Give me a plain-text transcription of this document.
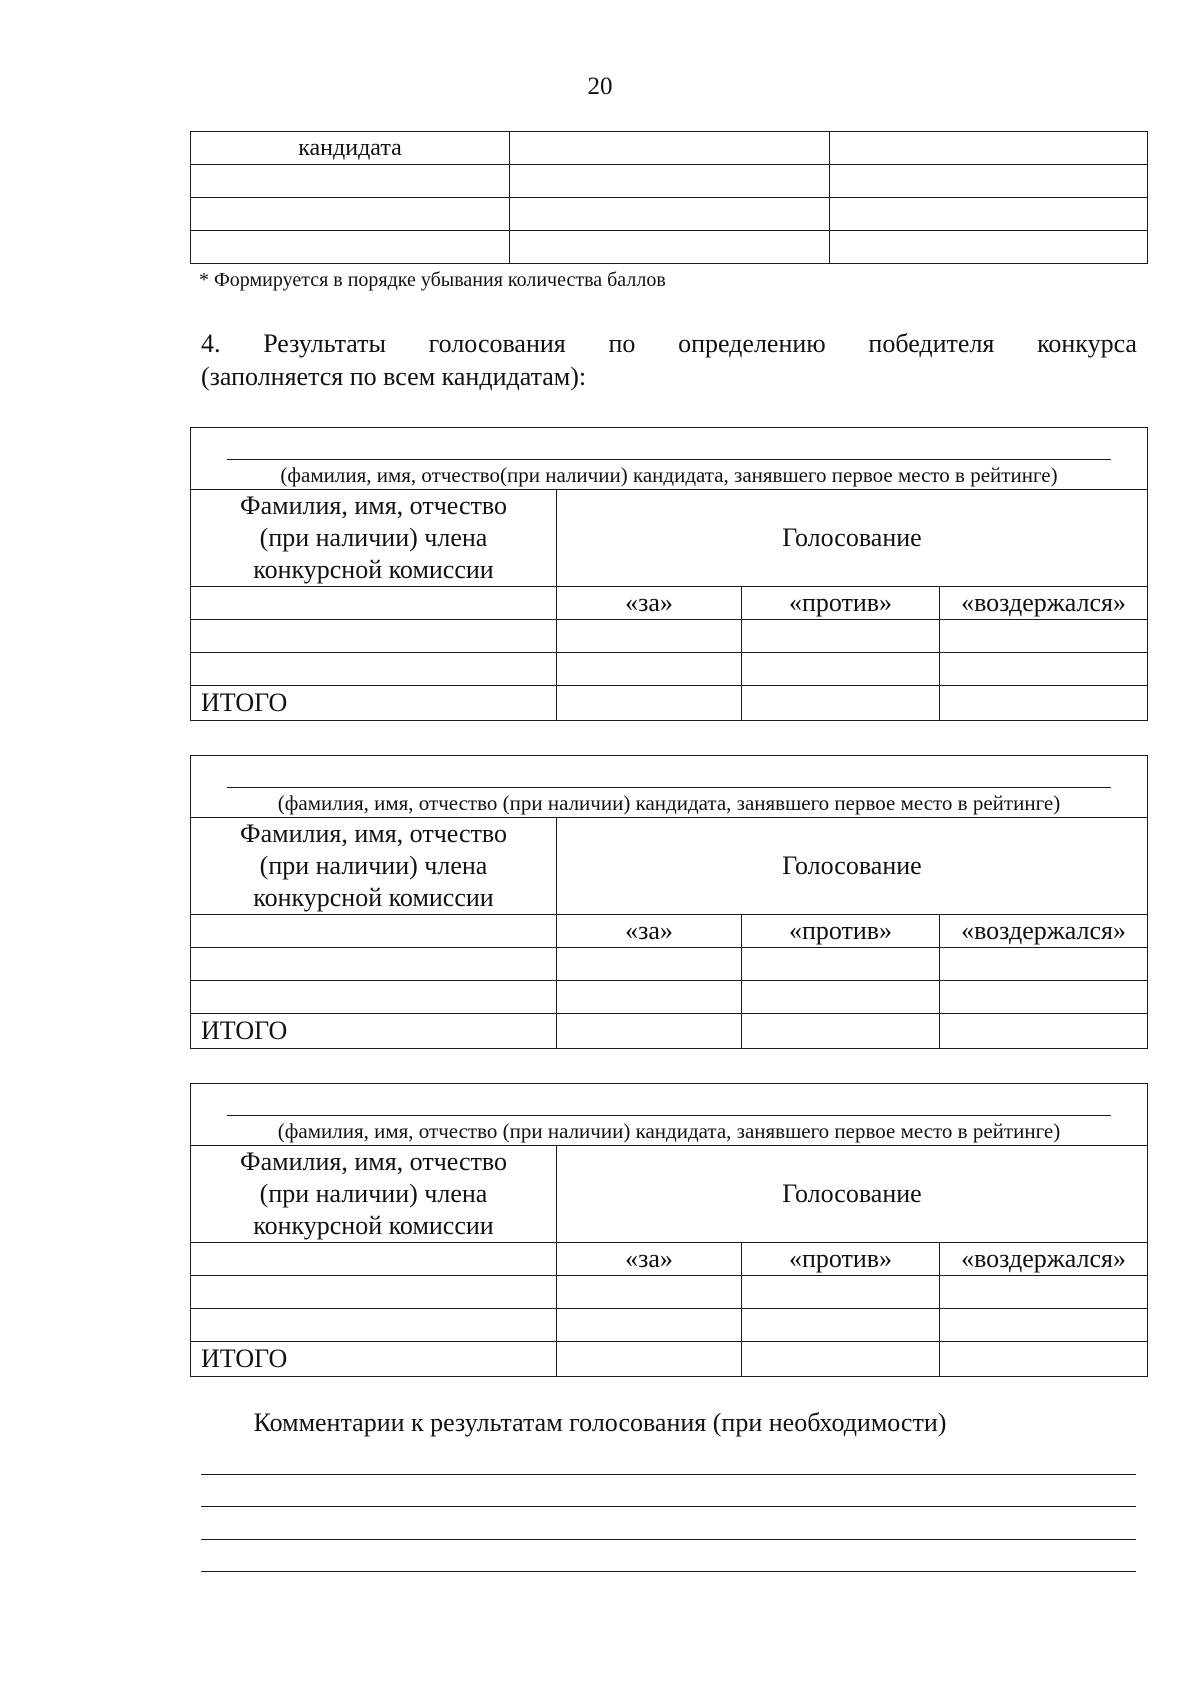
20
кандидата		

* Формируется в порядке убывания количества баллов
4. Результаты голосования по определению победителя конкурса
(заполняется по всем кандидатам):
(фамилия, имя, отчество(при наличии) кандидата, занявшего первое место в рейтинге)			

Фамилия, имя, отчество
(при наличии) члена
конкурсной комиссии	Голосование		
	«за»	«против»	«воздержался»

ИТОГО			
(фамилия, имя, отчество (при наличии) кандидата, занявшего первое место в рейтинге)			

Фамилия, имя, отчество
(при наличии) члена
конкурсной комиссии	Голосование		
	«за»	«против»	«воздержался»

ИТОГО			
(фамилия, имя, отчество (при наличии) кандидата, занявшего первое место в рейтинге)			

Фамилия, имя, отчество
(при наличии) члена
конкурсной комиссии	Голосование		
	«за»	«против»	«воздержался»

ИТОГО			
Комментарии к результатам голосования (при необходимости)
